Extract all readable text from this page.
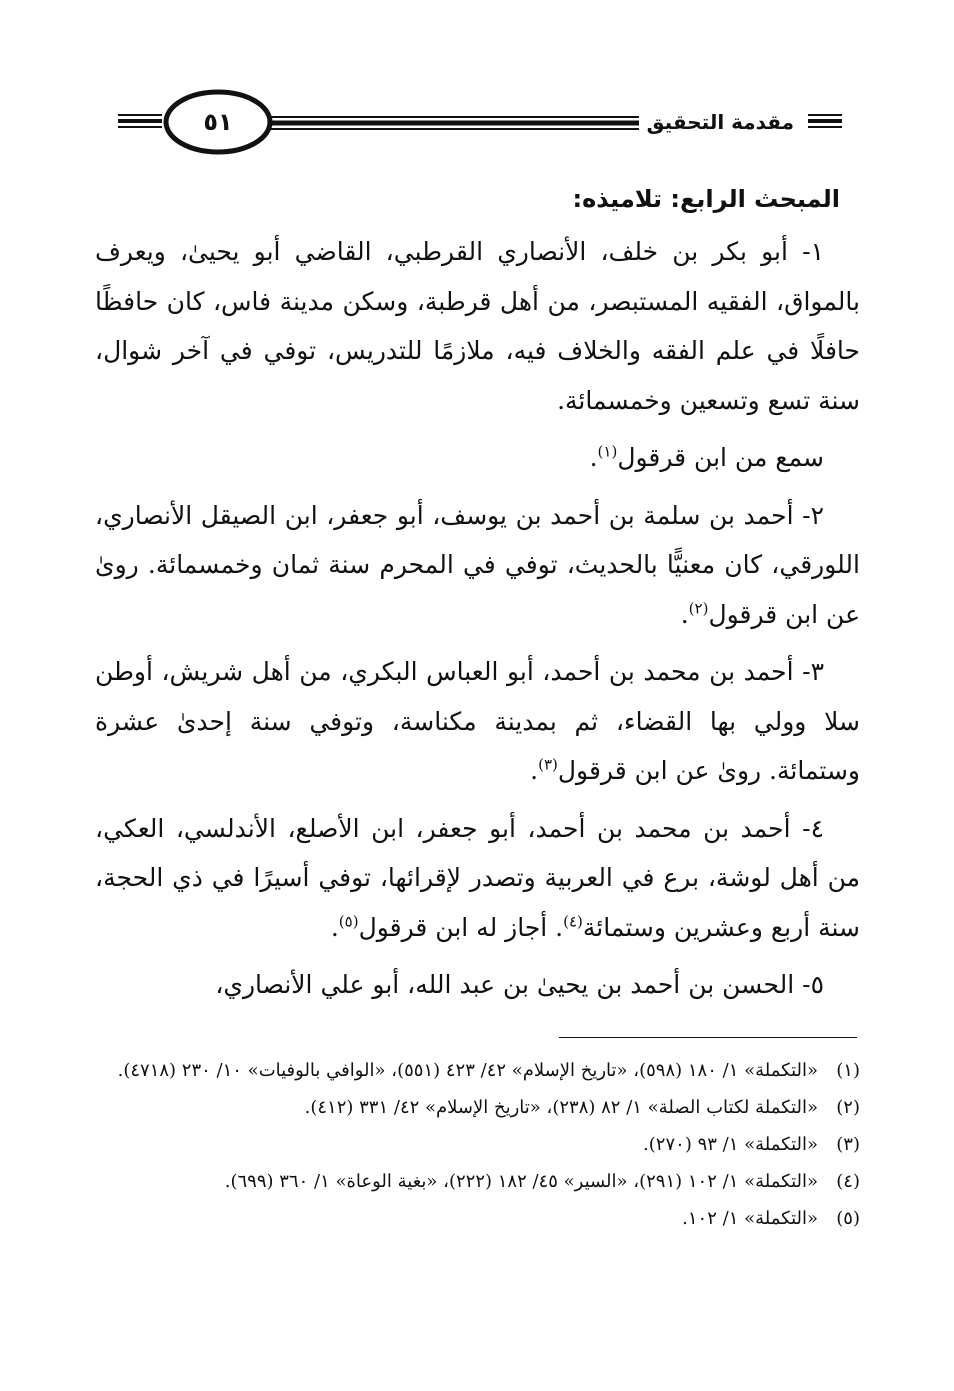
٥١	مقدمة التحقيق
المبحث الرابع: تلاميذه:

١- أبو بكر بن خلف، الأنصاري القرطبي، القاضي أبو يحيىٰ، ويعرف بالمواق، الفقيه المستبصر، من أهل قرطبة، وسكن مدينة فاس، كان حافظًا حافلًا في علم الفقه والخلاف فيه، ملازمًا للتدريس، توفي في آخر شوال، سنة تسع وتسعين وخمسمائة.

سمع من ابن قرقول$^{(١)}$.

٢- أحمد بن سلمة بن أحمد بن يوسف، أبو جعفر، ابن الصيقل الأنصاري، اللورقي، كان معنيًّا بالحديث، توفي في المحرم سنة ثمان وخمسمائة. روىٰ عن ابن قرقول$^{(٢)}$.

٣- أحمد بن محمد بن أحمد، أبو العباس البكري، من أهل شريش، أوطن سلا وولي بها القضاء، ثم بمدينة مكناسة، وتوفي سنة إحدىٰ عشرة وستمائة. روىٰ عن ابن قرقول$^{(٣)}$.

٤- أحمد بن محمد بن أحمد، أبو جعفر، ابن الأصلع، الأندلسي، العكي، من أهل لوشة، برع في العربية وتصدر لإقرائها، توفي أسيرًا في ذي الحجة، سنة أربع وعشرين وستمائة$^{(٤)}$. أجاز له ابن قرقول$^{(٥)}$.

٥- الحسن بن أحمد بن يحيىٰ بن عبد الله، أبو علي الأنصاري،

(١)
«التكملة» ١/ ١٨٠ (٥٩٨)، «تاريخ الإسلام» ٤٢/ ٤٢٣ (٥٥١)، «الوافي بالوفيات» ١٠/ ٢٣٠ (٤٧١٨).
(٢)
«التكملة لكتاب الصلة» ١/ ٨٢ (٢٣٨)، «تاريخ الإسلام» ٤٢/ ٣٣١ (٤١٢).
(٣)
«التكملة» ١/ ٩٣ (٢٧٠).
(٤)
«التكملة» ١/ ١٠٢ (٢٩١)، «السير» ٤٥/ ١٨٢ (٢٢٢)، «بغية الوعاة» ١/ ٣٦٠ (٦٩٩).
(٥)
«التكملة» ١/ ١٠٢.
